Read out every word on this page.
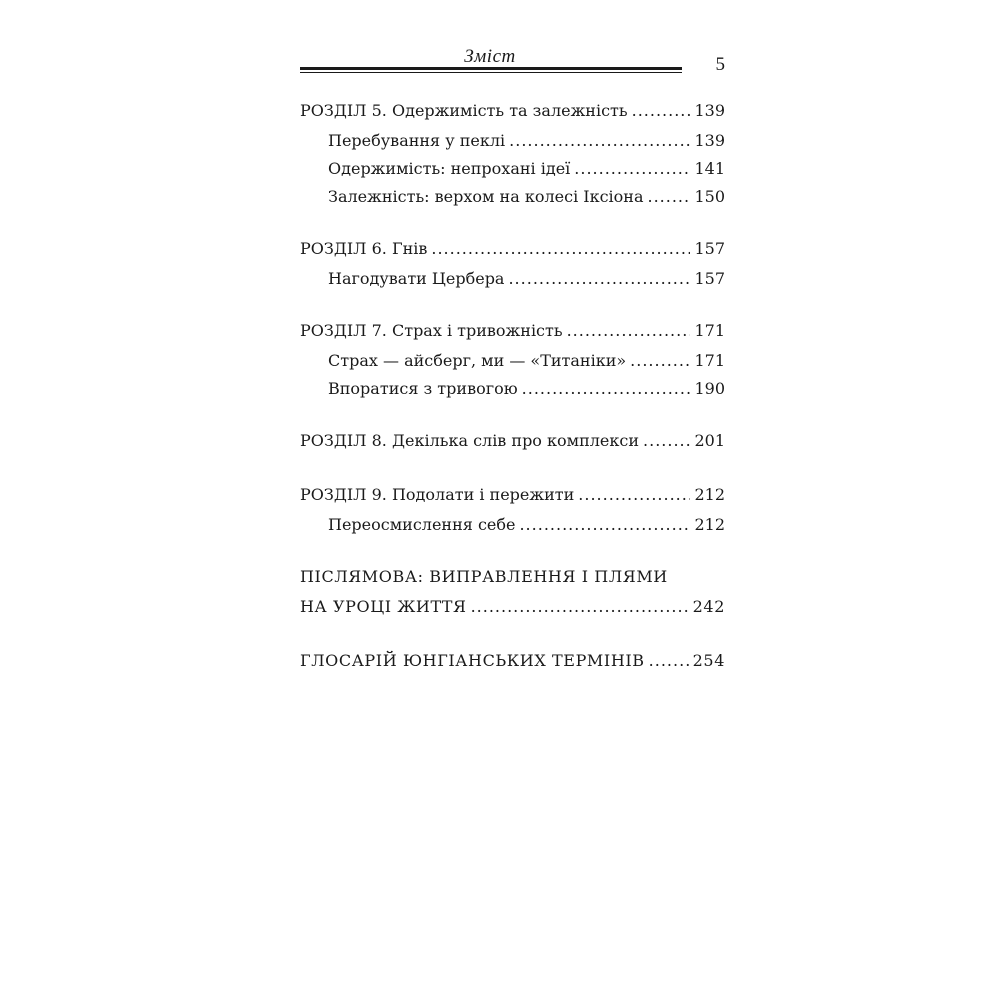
Зміст	5
РОЗДІЛ 5. Одержимість та залежність .....	139
Перебування у пеклі .....	139
Одержимість: непрохані ідеї .....	141
Залежність: верхом на колесі Іксіона .....	150
РОЗДІЛ 6. Гнів .....	157
Нагодувати Цербера .....	157
РОЗДІЛ 7. Страх і тривожність .....	171
Страх — айсберг, ми — «Титаніки» .....	171
Впоратися з тривогою .....	190
РОЗДІЛ 8. Декілька слів про комплекси .....	201
РОЗДІЛ 9. Подолати і пережити .....	212
Переосмислення себе .....	212
ПІСЛЯМОВА: ВИПРАВЛЕННЯ І ПЛЯМИ
НА УРОЦІ ЖИТТЯ .....	242
ГЛОСАРІЙ ЮНГІАНСЬКИХ ТЕРМІНІВ .....	254
